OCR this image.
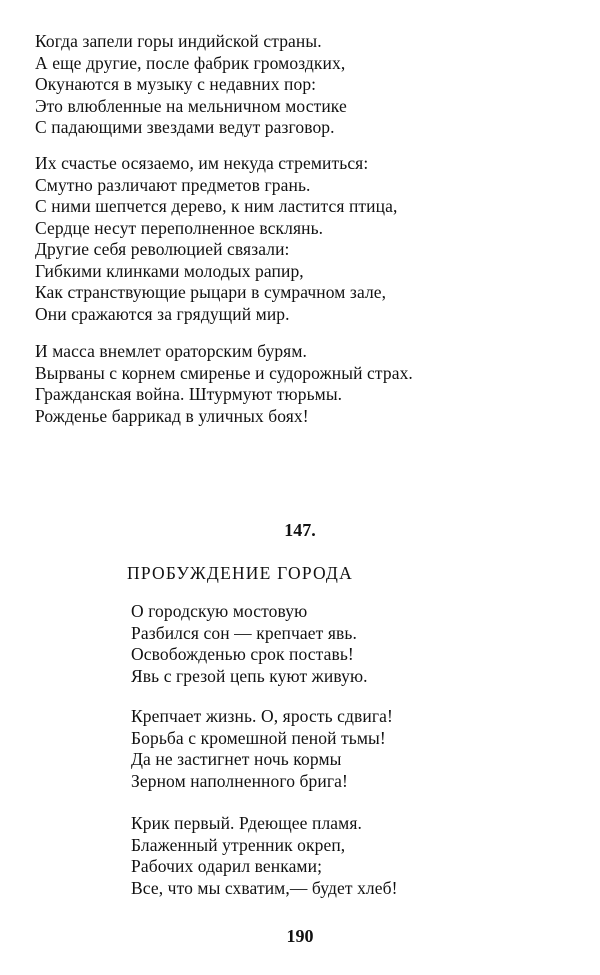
Когда запели горы индийской страны.
А еще другие, после фабрик громоздких,
Окунаются в музыку с недавних пор:
Это влюбленные на мельничном мостике
С падающими звездами ведут разговор.
Их счастье осязаемо, им некуда стремиться:
Смутно различают предметов грань.
С ними шепчется дерево, к ним ластится птица,
Сердце несут переполненное всклянь.
Другие себя революцией связали:
Гибкими клинками молодых рапир,
Как странствующие рыцари в сумрачном зале,
Они сражаются за грядущий мир.
И масса внемлет ораторским бурям.
Вырваны с корнем смиренье и судорожный страх.
Гражданская война. Штурмуют тюрьмы.
Рожденье баррикад в уличных боях!
147.
ПРОБУЖДЕНИЕ ГОРОДА
О городскую мостовую
Разбился сон — крепчает явь.
Освобожденью срок поставь!
Явь с грезой цепь куют живую.
Крепчает жизнь. О, ярость сдвига!
Борьба с кромешной пеной тьмы!
Да не застигнет ночь кормы
Зерном наполненного брига!
Крик первый. Рдеющее пламя.
Блаженный утренник окреп,
Рабочих одарил венками;
Все, что мы схватим,— будет хлеб!
190
